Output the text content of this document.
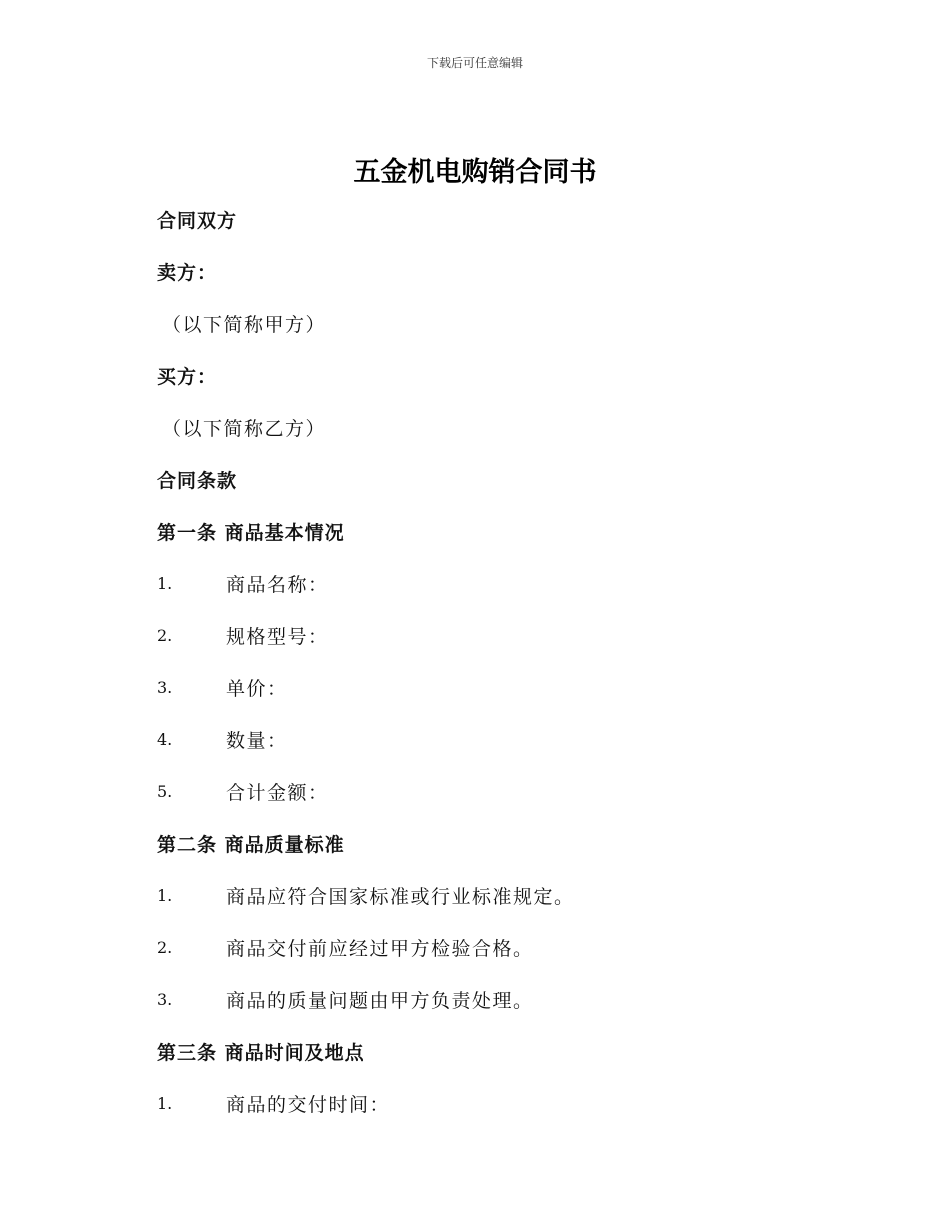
下载后可任意编辑
五金机电购销合同书
合同双方
卖方：
（以下简称甲方）
买方：
（以下简称乙方）
合同条款
第一条 商品基本情况
1.	商品名称：
2.	规格型号：
3.	单价：
4.	数量：
5.	合计金额：
第二条 商品质量标准
1.	商品应符合国家标准或行业标准规定。
2.	商品交付前应经过甲方检验合格。
3.	商品的质量问题由甲方负责处理。
第三条 商品时间及地点
1.	商品的交付时间：
